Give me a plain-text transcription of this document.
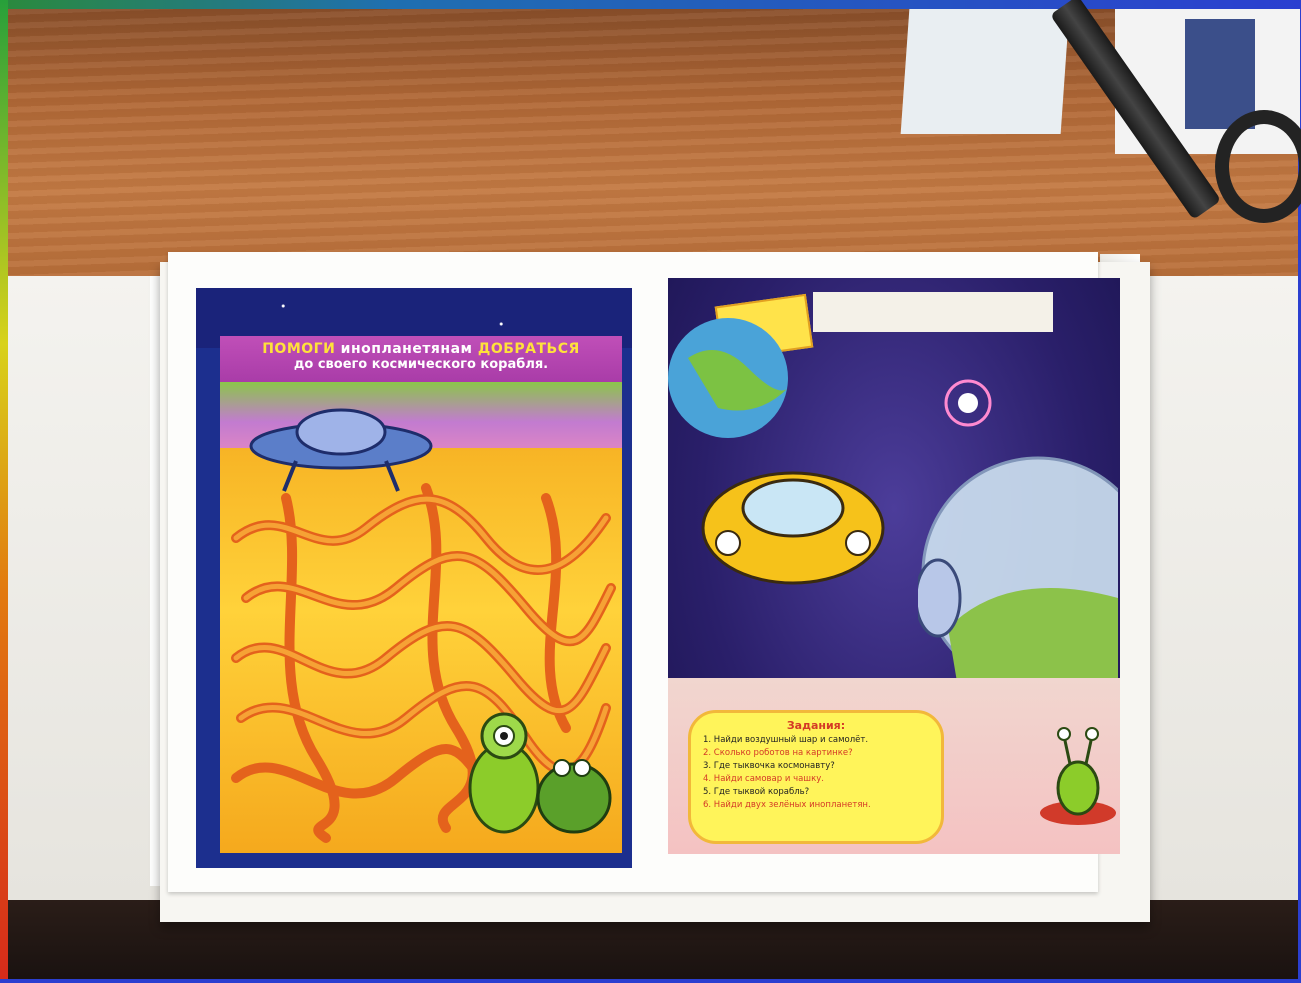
ПОМОГИ инопланетянам ДОБРАТЬСЯ
до своего космического корабля.
Задания:
1. Найди воздушный шар и самолёт.
2. Сколько роботов на картинке?
3. Где тыквочка космонавту?
4. Найди самовар и чашку.
5. Где тыквой корабль?
6. Найди двух зелёных инопланетян.
